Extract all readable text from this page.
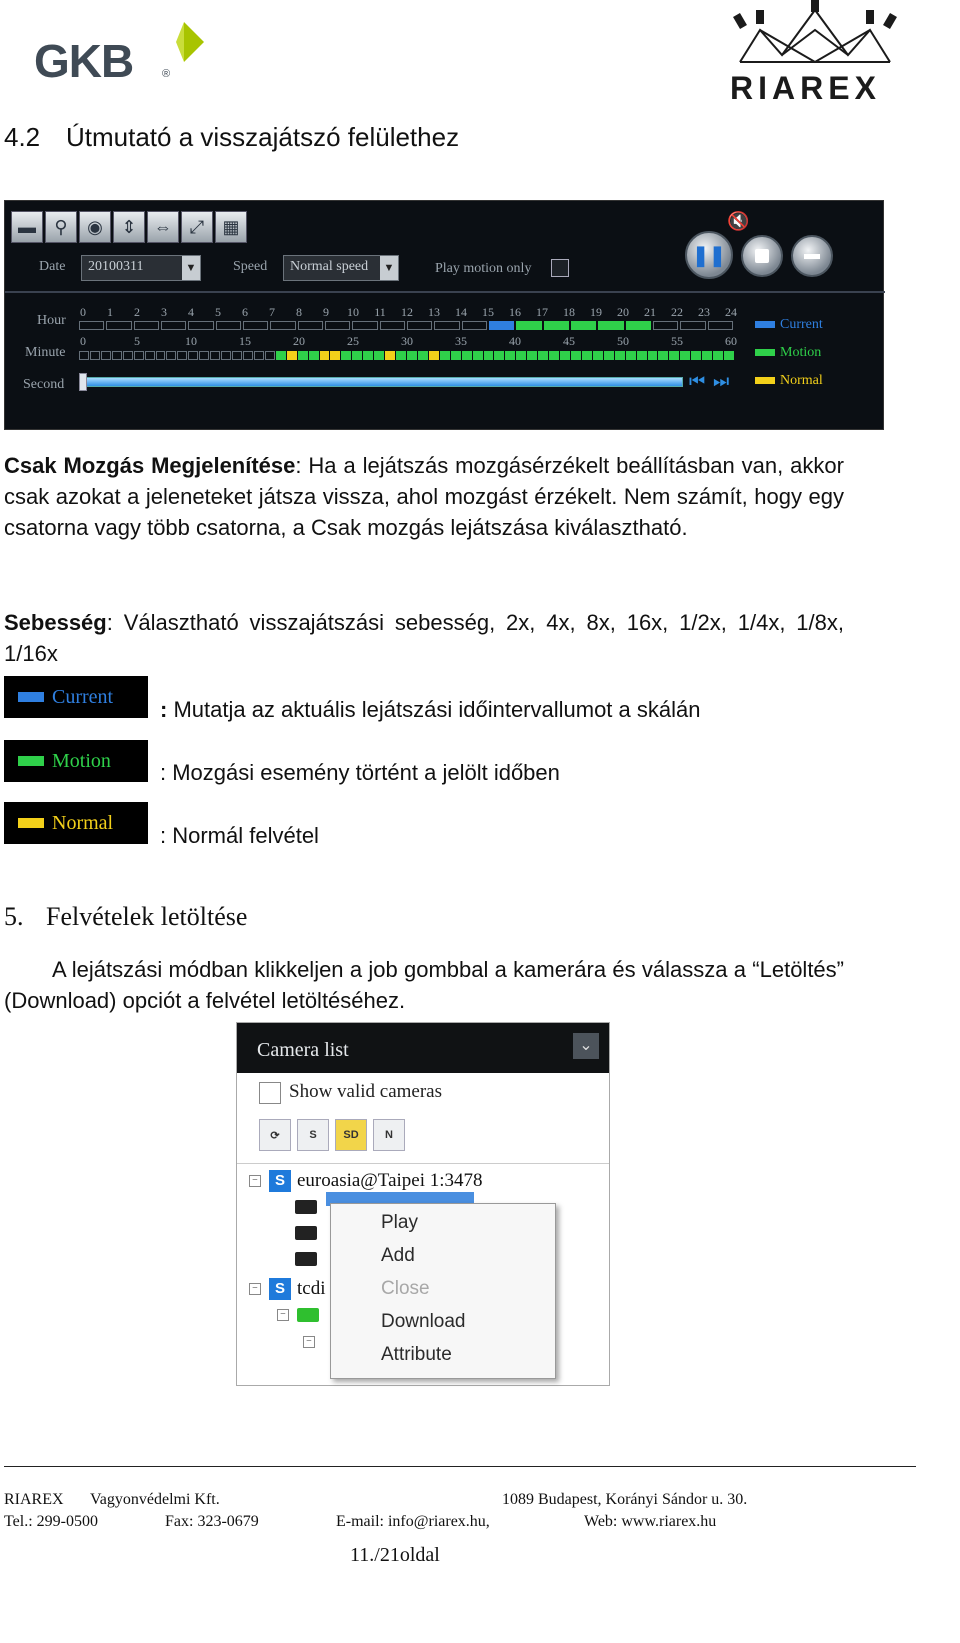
GKB	®	RIAREX
4.2 Útmutató a visszajátszó felülethez
▬	⚲	◉	⇕ ⇔ ⤢	▦
Date	20100311	▼	Speed	Normal speed	▼	Play motion only
🔇
❚❚
Hour
Minute
Second	⏮ ⏭
Current
Motion
Normal
0	1	2	3	4	5	6	7	8	9	10	11	12	13	14	15	16	17	18	19	20	21	22	23	24
0	5	10	15	20	25	30	35	40	45	50	55	60
Csak Mozgás Megjelenítése: Ha a lejátszás mozgásérzékelt beállításban van, akkor csak azokat a jeleneteket játsza vissza, ahol mozgást érzékelt. Nem számít, hogy egy csatorna vagy több csatorna, a Csak mozgás lejátszása kiválasztható.
Sebesség: Választható visszajátszási sebesség, 2x, 4x, 8x, 16x, 1/2x, 1/4x, 1/8x, 1/16x
Current
: Mutatja az aktuális lejátszási időintervallumot a skálán
Motion : Mozgási esemény történt a jelölt időben
Normal
: Normál felvétel
5. Felvételek letöltése
A lejátszási módban klikkeljen a job gombbal a kamerára és válassza a “Letöltés” (Download) opciót a felvétel letöltéséhez.
Camera list	⌄
Show valid cameras
⟳	S	SD	N
−	S euroasia@Taipei 1:3478
−	S tcdi
−
−
Play
Add
Close
Download
Attribute
RIAREX Vagyonvédelmi Kft.	1089 Budapest, Korányi Sándor u. 30.
Tel.: 299-0500	Fax: 323-0679	E-mail: info@riarex.hu,	Web: www.riarex.hu
11./21oldal
